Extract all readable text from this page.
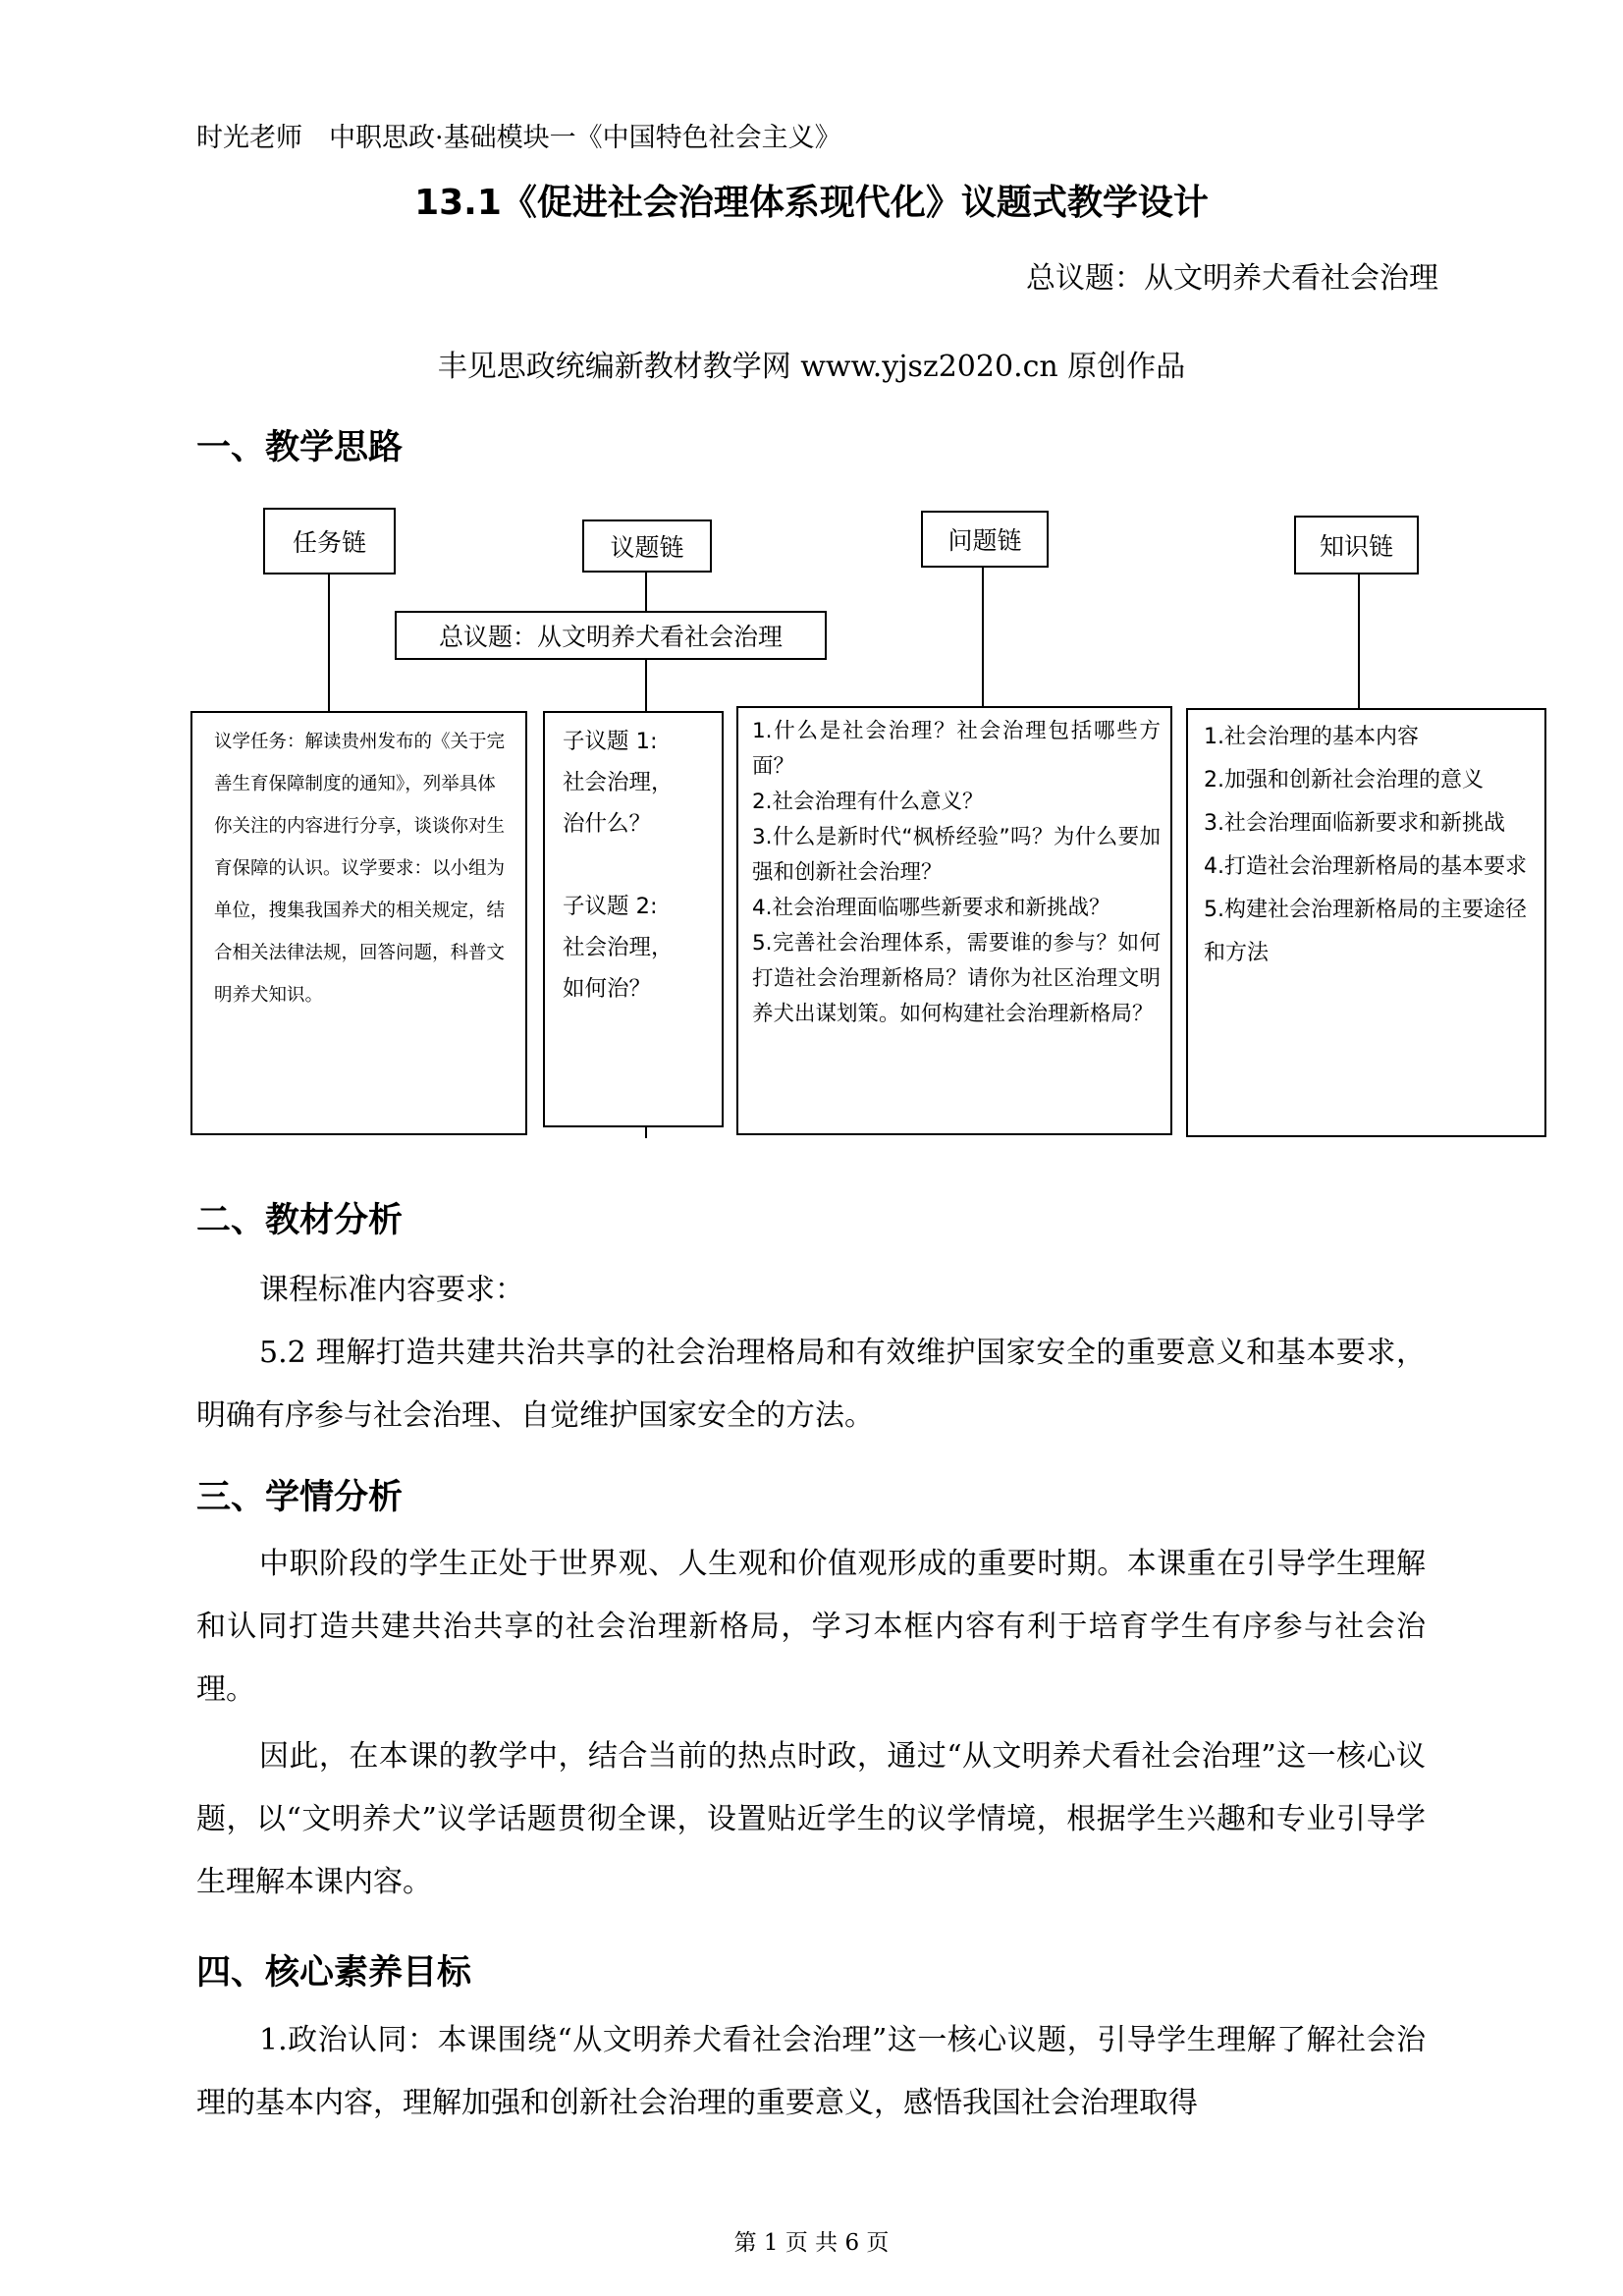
时光老师　中职思政·基础模块一《中国特色社会主义》
13.1《促进社会治理体系现代化》议题式教学设计
总议题：从文明养犬看社会治理
丰见思政统编新教材教学网 www.yjsz2020.cn 原创作品
一、教学思路
任务链	议题链	问题链	知识链
总议题：从文明养犬看社会治理
议学任务：解读贵州发布的《关于完善生育保障制度的通知》，列举具体你关注的内容进行分享，谈谈你对生育保障的认识。议学要求：以小组为单位，搜集我国养犬的相关规定，结合相关法律法规，回答问题，科普文明养犬知识。
子议题 1:
社会治理，
治什么？
子议题 2:
社会治理，
如何治？
1.什么是社会治理？社会治理包括哪些方面？
2.社会治理有什么意义？
3.什么是新时代“枫桥经验”吗？为什么要加强和创新社会治理？
4.社会治理面临哪些新要求和新挑战？
5.完善社会治理体系，需要谁的参与？如何打造社会治理新格局？请你为社区治理文明养犬出谋划策。如何构建社会治理新格局？
1.社会治理的基本内容
2.加强和创新社会治理的意义
3.社会治理面临新要求和新挑战
4.打造社会治理新格局的基本要求
5.构建社会治理新格局的主要途径和方法
二、教材分析
课程标准内容要求：
5.2 理解打造共建共治共享的社会治理格局和有效维护国家安全的重要意义和基本要求，明确有序参与社会治理、自觉维护国家安全的方法。
三、学情分析
中职阶段的学生正处于世界观、人生观和价值观形成的重要时期。本课重在引导学生理解和认同打造共建共治共享的社会治理新格局，学习本框内容有利于培育学生有序参与社会治理。
因此，在本课的教学中，结合当前的热点时政，通过“从文明养犬看社会治理”这一核心议题，以“文明养犬”议学话题贯彻全课，设置贴近学生的议学情境，根据学生兴趣和专业引导学生理解本课内容。
四、核心素养目标
1.政治认同：本课围绕“从文明养犬看社会治理”这一核心议题，引导学生理解了解社会治理的基本内容，理解加强和创新社会治理的重要意义，感悟我国社会治理取得
第 1 页 共 6 页
